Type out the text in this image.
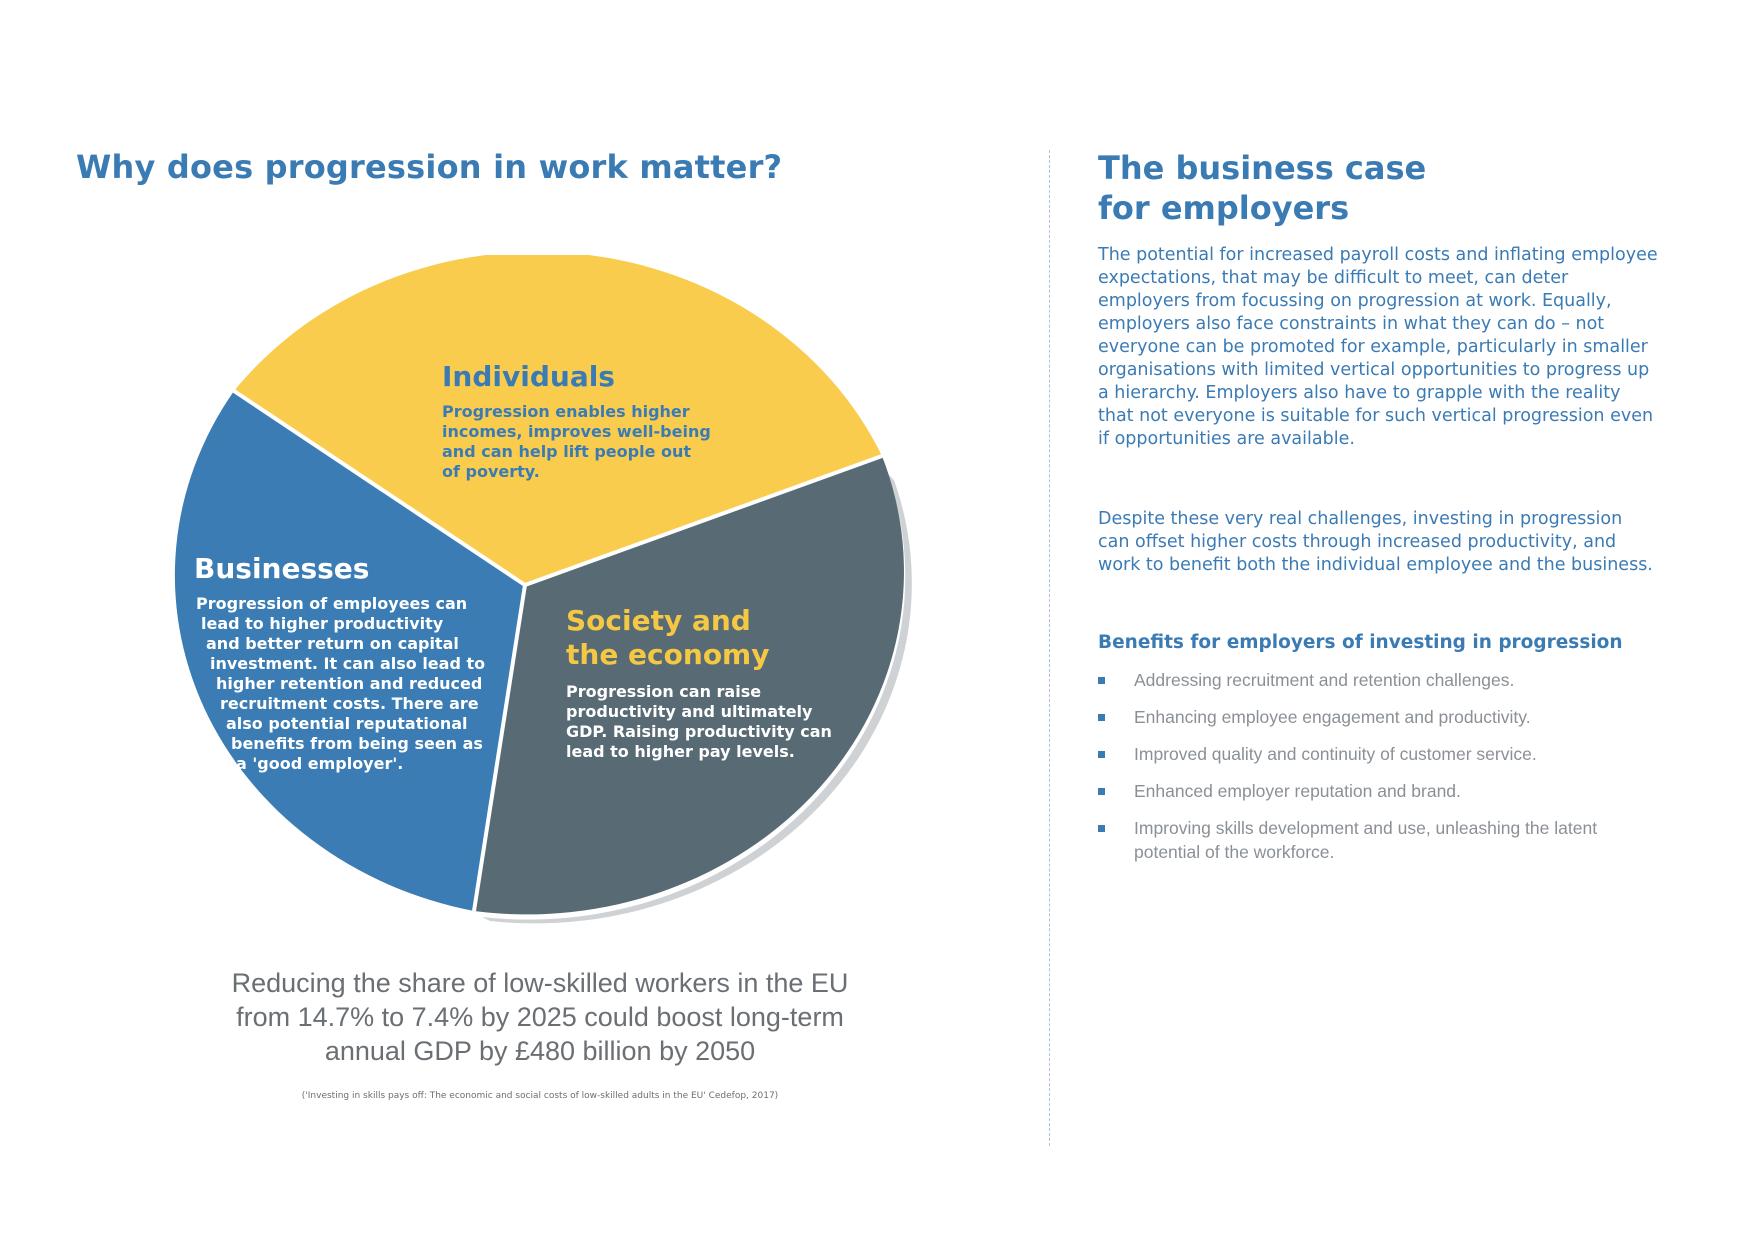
Why does progression in work matter?
Individuals
Progression enables higher
incomes, improves well-being
and can help lift people out
of poverty.
Businesses
Progression of employees can
lead to higher productivity
and better return on capital
investment. It can also lead to
higher retention and reduced
recruitment costs. There are
also potential reputational
benefits from being seen as
a 'good employer'.
Society and
the economy
Progression can raise
productivity and ultimately
GDP. Raising productivity can
lead to higher pay levels.
Reducing the share of low-skilled workers in the EU
from 14.7% to 7.4% by 2025 could boost long-term
annual GDP by £480 billion by 2050
('Investing in skills pays off: The economic and social costs of low-skilled adults in the EU' Cedefop, 2017)
The business case
for employers

The potential for increased payroll costs and inflating employee expectations, that may be difficult to meet, can deter employers from focussing on progression at work. Equally, employers also face constraints in what they can do – not everyone can be promoted for example, particularly in smaller organisations with limited vertical opportunities to progress up a hierarchy. Employers also have to grapple with the reality that not everyone is suitable for such vertical progression even if opportunities are available.

Despite these very real challenges, investing in progression can offset higher costs through increased productivity, and work to benefit both the individual employee and the business.

Benefits for employers of investing in progression
Addressing recruitment and retention challenges.
Enhancing employee engagement and productivity.
Improved quality and continuity of customer service.
Enhanced employer reputation and brand.
Improving skills development and use, unleashing the latent potential of the workforce.
